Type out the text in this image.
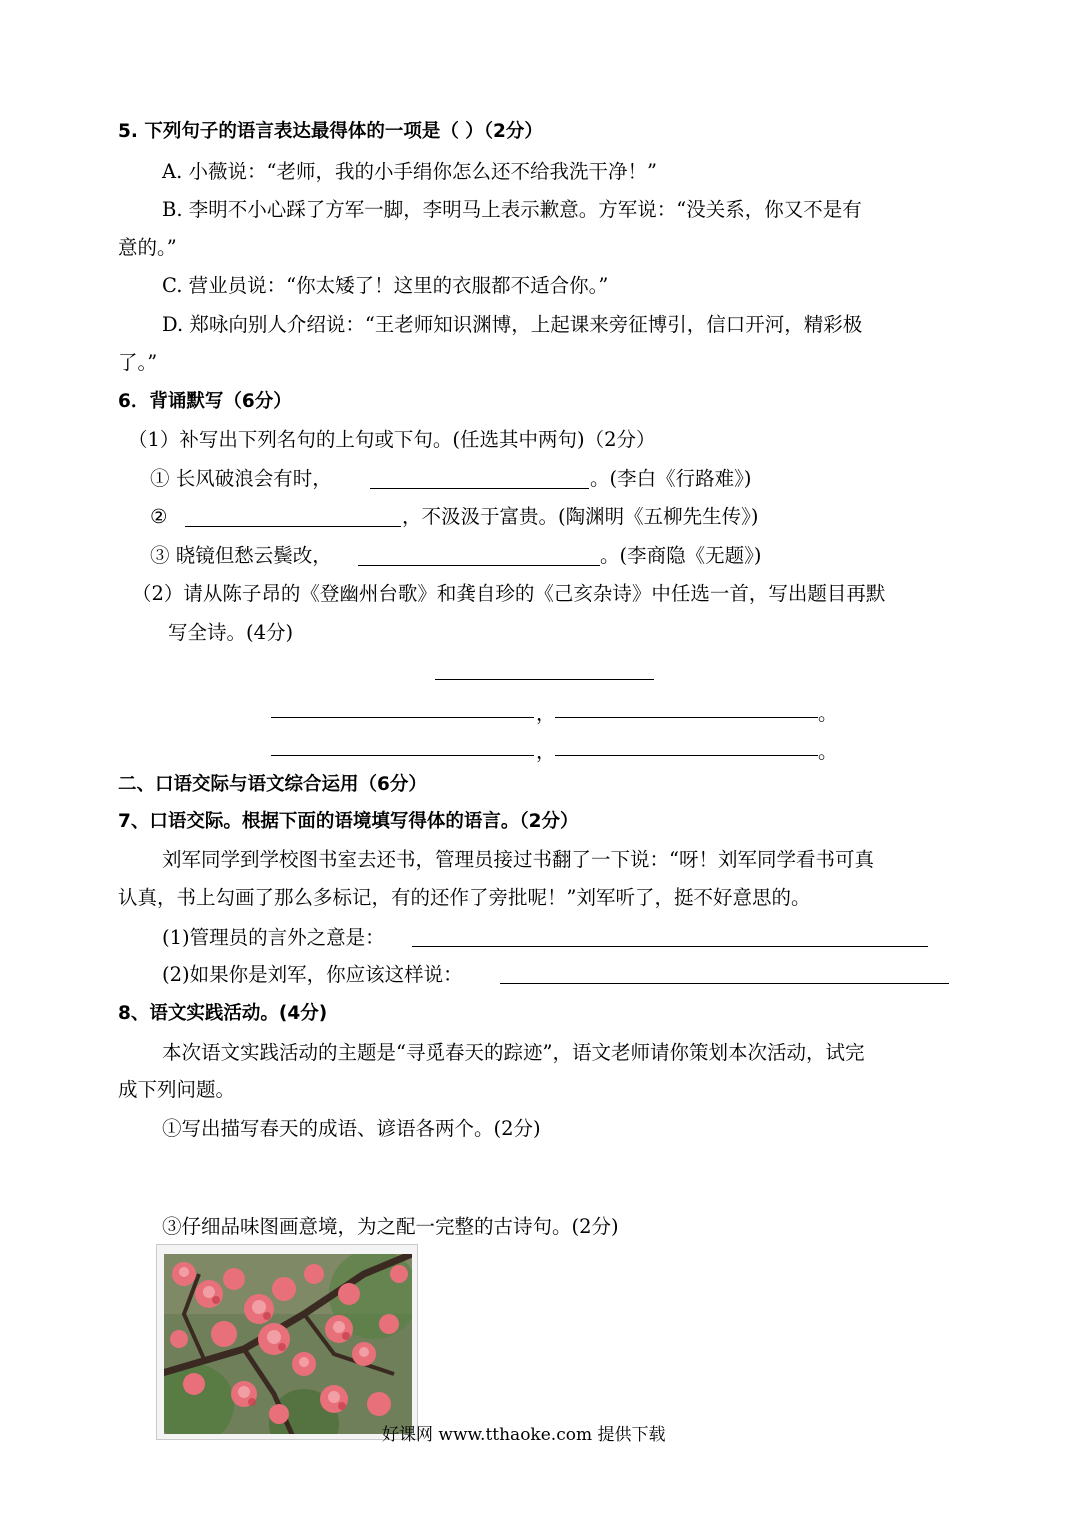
5. 下列句子的语言表达最得体的一项是（ ）（2分）
A. 小薇说：“老师，我的小手绢你怎么还不给我洗干净！”
B. 李明不小心踩了方军一脚，李明马上表示歉意。方军说：“没关系，你又不是有
意的。”
C. 营业员说：“你太矮了！这里的衣服都不适合你。”
D. 郑咏向别人介绍说：“王老师知识渊博，上起课来旁征博引，信口开河，精彩极
了。”
6．背诵默写（6分）
（1）补写出下列名句的上句或下句。(任选其中两句)（2分）
① 长风破浪会有时，	。(李白《行路难》)
②	，不汲汲于富贵。(陶渊明《五柳先生传》)
③ 晓镜但愁云鬓改，	。(李商隐《无题》)
（2）请从陈子昂的《登幽州台歌》和龚自珍的《己亥杂诗》中任选一首，写出题目再默
写全诗。(4分)
，	。
，	。
二、口语交际与语文综合运用（6分）
7、口语交际。根据下面的语境填写得体的语言。（2分）
刘军同学到学校图书室去还书，管理员接过书翻了一下说：“呀！刘军同学看书可真
认真，书上勾画了那么多标记，有的还作了旁批呢！”刘军听了，挺不好意思的。
(1)管理员的言外之意是：
(2)如果你是刘军，你应该这样说：
8、语文实践活动。(4分)
本次语文实践活动的主题是“寻觅春天的踪迹”，语文老师请你策划本次活动，试完
成下列问题。
①写出描写春天的成语、谚语各两个。(2分)
③仔细品味图画意境，为之配一完整的古诗句。(2分)
好课网 www.tthaoke.com 提供下载
